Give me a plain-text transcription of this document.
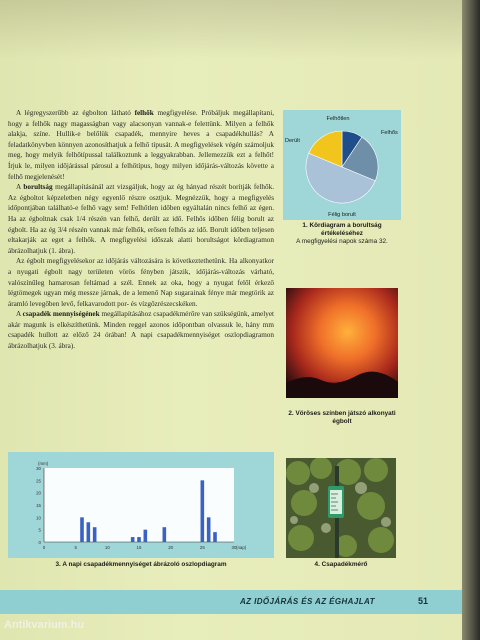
A légregyszerűbb az égbolton látható felhők megfigyelése. Próbáljuk megállapítani, hogy a felhők nagy magasságban vagy alacsonyan vannak-e felettünk. Milyen a felhők alakja, színe. Hullik-e belőlük csapadék, mennyire heves a csapadékhullás? A feladatkönyvben könnyen azonosíthatjuk a felhő típusát. A megfigyelések végén számoljuk meg, hogy melyik felhőtípussal találkoztunk a leggyakrabban. Jellemezzük ezt a felhőt! Írjuk le, milyen időjárással párosul a felhőtípus, hogy milyen időjárás-változás követte a felhő megjelenését!

A borultság megállapításánál azt vizsgáljuk, hogy az ég hányad részét borítják felhők. Az égboltot képzeletben négy egyenlő részre osztjuk. Megnézzük, hogy a megfigyelés időpontjában található-e felhő vagy sem! Felhőtlen időben egyáltalán nincs felhő az égen. Ha az égboltnak csak 1/4 részén van felhő, derült az idő. Felhős időben félig borult az égbolt. Ha az ég 3/4 részén vannak már felhők, erősen felhős az idő. Borult időben teljesen eltakarják az eget a felhők. A megfigyelési időszak alatti borultságot kördiagramon ábrázolhatjuk (1. ábra).

Az égbolt megfigyelésekor az időjárás változására is következtethetünk. Ha alkonyatkor a nyugati égbolt nagy területen vörös fényben játszik, időjárás-változás várható, valószínűleg hamarosan feltámad a szél. Ennek az oka, hogy a nyugat felől érkező légtömegek ugyan még messze járnak, de a lemenő Nap sugarainak fénye már megtörik az áramló levegőben levő, felkavarodott por- és vízgőzrészecskéken.

A csapadék mennyiségének megállapításához csapadékmérőre van szükségünk, amelyet akár magunk is elkészíthetünk. Minden reggel azonos időpontban olvassuk le, hány mm csapadék hullott az előző 24 órában! A napi csapadékmennyiséget oszlopdiagramon ábrázolhatjuk (3. ábra).

Felhőtlen
Felhős
Félig borult
Derült
1. Kördiagram a borultság értékeléséhez
A megfigyelési napok száma 32.
2. Vöröses színben játszó alkonyati égbolt
0
5
10
15
20
25
30
0	5	10	15	20	25	30
(mm)
(nap)
3. A napi csapadékmennyiséget ábrázoló oszlopdiagram	4. Csapadékmérő
AZ IDŐJÁRÁS ÉS AZ ÉGHAJLAT	51
Antikvarium.hu
